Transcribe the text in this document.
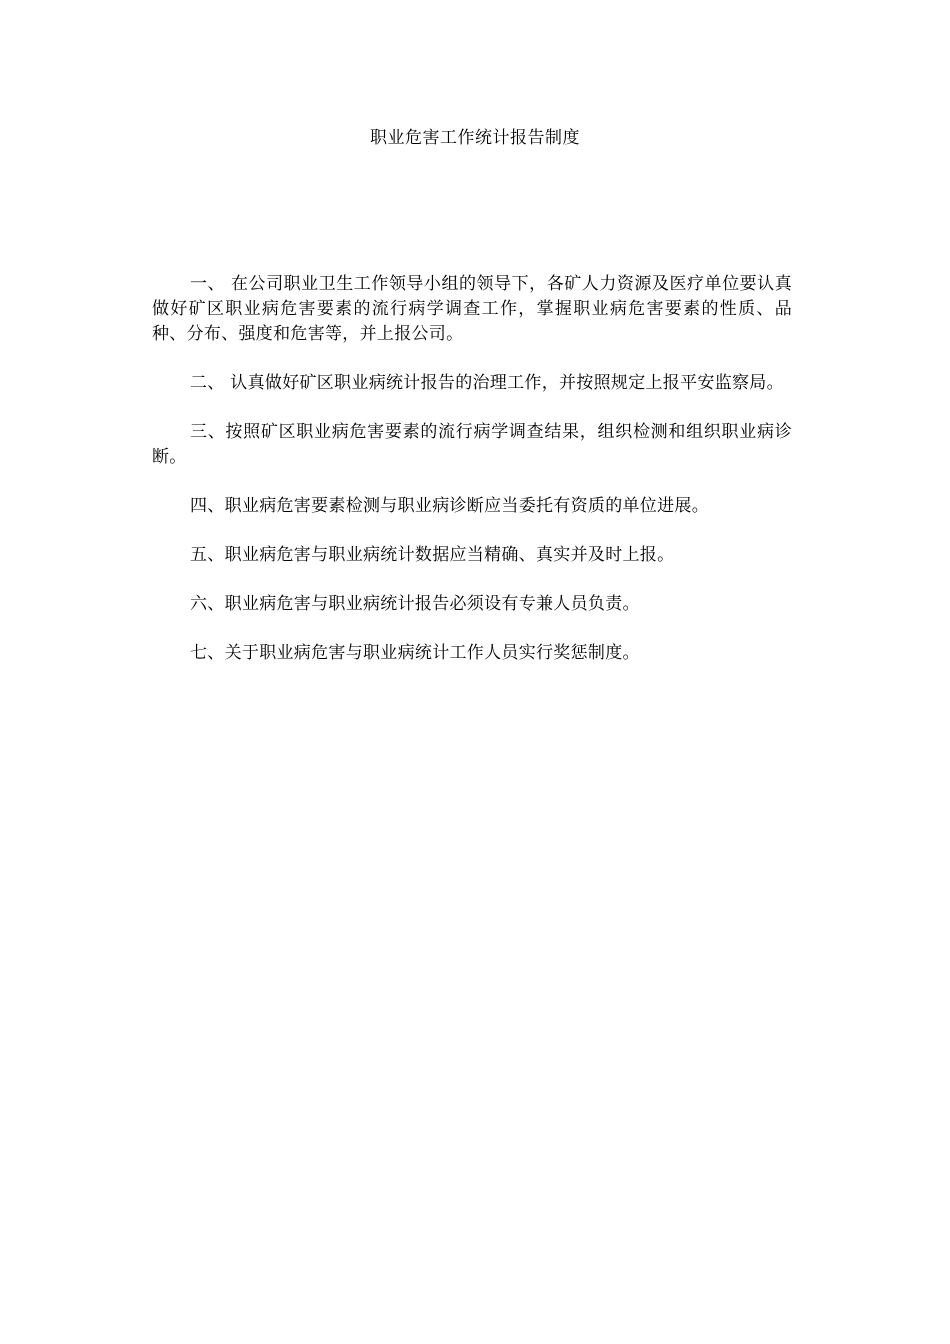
职业危害工作统计报告制度

一、 在公司职业卫生工作领导小组的领导下，各矿人力资源及医疗单位要认真做好矿区职业病危害要素的流行病学调查工作，掌握职业病危害要素的性质、品种、分布、强度和危害等，并上报公司。

二、 认真做好矿区职业病统计报告的治理工作，并按照规定上报平安监察局。

三、按照矿区职业病危害要素的流行病学调查结果，组织检测和组织职业病诊断。

四、职业病危害要素检测与职业病诊断应当委托有资质的单位进展。

五、职业病危害与职业病统计数据应当精确、真实并及时上报。

六、职业病危害与职业病统计报告必须设有专兼人员负责。

七、关于职业病危害与职业病统计工作人员实行奖惩制度。
